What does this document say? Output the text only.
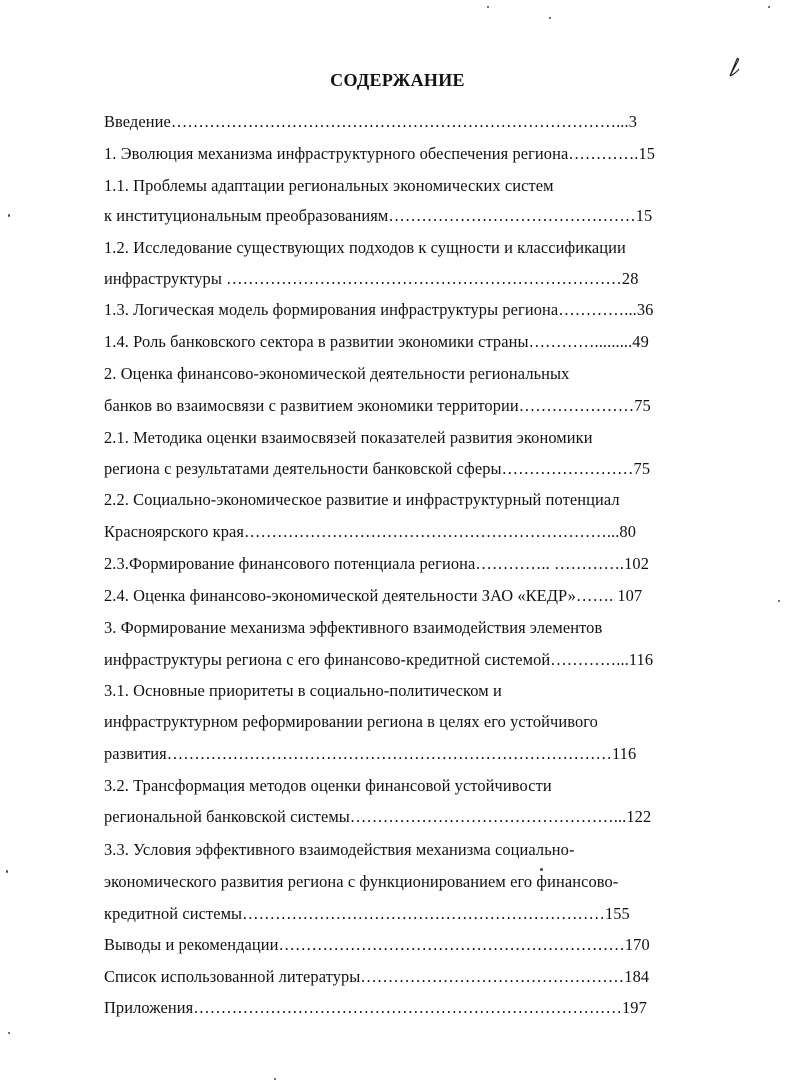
СОДЕРЖАНИЕ
Введение………………………………………………………………………...3
1. Эволюция механизма инфраструктурного обеспечения региона………….15
1.1. Проблемы адаптации региональных экономических систем
к институциональным преобразованиям………………………………………15
1.2. Исследование существующих подходов к сущности и классификации
инфраструктуры ………………………………………………………………28
1.3. Логическая модель формирования инфраструктуры региона…………...36
1.4. Роль банковского сектора в развитии экономики страны………….........49
2. Оценка финансово-экономической деятельности региональных
банков во взаимосвязи с развитием экономики территории…………………75
2.1. Методика оценки взаимосвязей показателей развития экономики
региона с результатами деятельности банковской сферы……………………75
2.2. Социально-экономическое развитие и инфраструктурный потенциал
Красноярского края…………………………………………………………...80
2.3.Формирование финансового потенциала региона………….. ………….102
2.4. Оценка финансово-экономической деятельности ЗАО «КЕДР»……. 107
3. Формирование механизма эффективного взаимодействия элементов
инфраструктуры региона с его финансово-кредитной системой…………...116
3.1. Основные приоритеты в социально-политическом и
инфраструктурном реформировании региона в целях его устойчивого
развития………………………………………………………………………116
3.2. Трансформация методов оценки финансовой устойчивости
региональной банковской системы…………………………………………...122
3.3. Условия эффективного взаимодействия механизма социально-
экономического развития региона с функционированием его финансово-
кредитной системы…………………………………………………………155
Выводы и рекомендации………………………………………………………170
Список использованной литературы…………………………………………184
Приложения……………………………………………………………………197
